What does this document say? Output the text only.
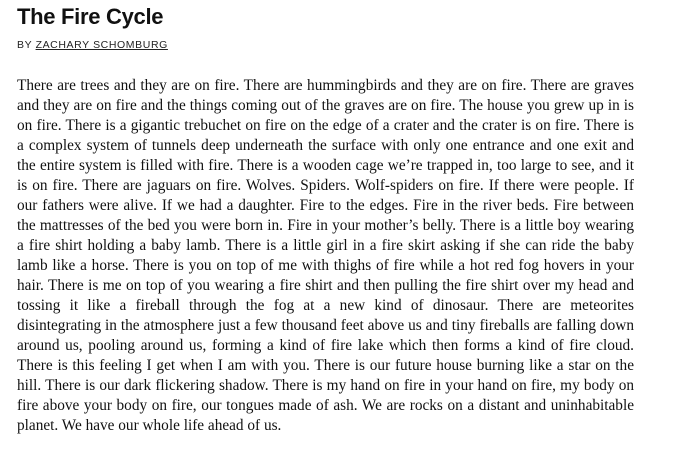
The Fire Cycle
BY ZACHARY SCHOMBURG
There are trees and they are on fire. There are hummingbirds and they are on fire. There are graves and they are on fire and the things coming out of the graves are on fire. The house you grew up in is on fire. There is a gigantic trebuchet on fire on the edge of a crater and the crater is on fire. There is a complex system of tunnels deep underneath the surface with only one entrance and one exit and the entire system is filled with fire. There is a wooden cage we’re trapped in, too large to see, and it is on fire. There are jaguars on fire. Wolves. Spiders. Wolf-spiders on fire. If there were people. If our fathers were alive. If we had a daughter. Fire to the edges. Fire in the river beds. Fire between the mattresses of the bed you were born in. Fire in your mother’s belly. There is a little boy wearing a fire shirt holding a baby lamb. There is a little girl in a fire skirt asking if she can ride the baby lamb like a horse. There is you on top of me with thighs of fire while a hot red fog hovers in your hair. There is me on top of you wearing a fire shirt and then pulling the fire shirt over my head and tossing it like a fireball through the fog at a new kind of dinosaur. There are meteorites disintegrating in the atmosphere just a few thousand feet above us and tiny fireballs are falling down around us, pooling around us, forming a kind of fire lake which then forms a kind of fire cloud. There is this feeling I get when I am with you. There is our future house burning like a star on the hill. There is our dark flickering shadow. There is my hand on fire in your hand on fire, my body on fire above your body on fire, our tongues made of ash. We are rocks on a distant and uninhabitable planet. We have our whole life ahead of us.
